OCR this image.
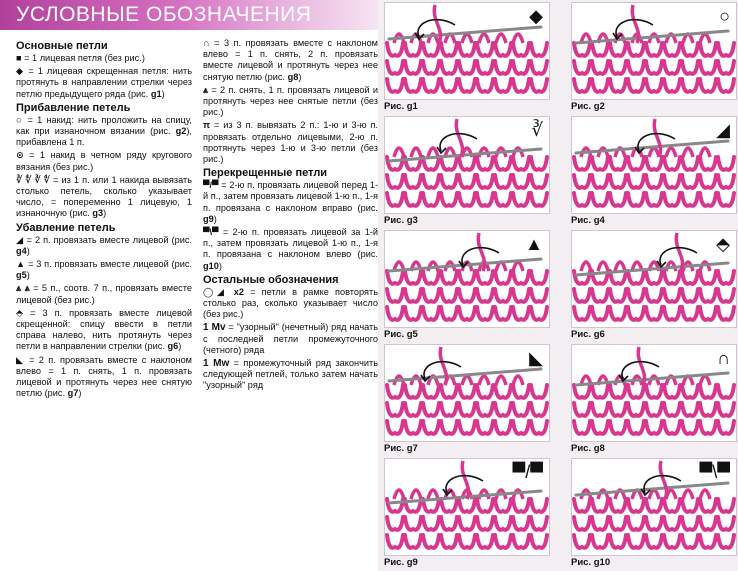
УСЛОВНЫЕ ОБОЗНАЧЕНИЯ
Основные петли
■ = 1 лицевая петля (без рис.)
◆ = 1 лицевая скрещенная петля: нить протянуть в направлении стрелки через петлю предыдущего ряда (рис. g1)
Прибавление петель
○ = 1 накид: нить проложить на спицу, как при изнаночном вязании (рис. g2), прибавлена 1 п.
⊙ = 1 накид в четном ряду кругового вязания (без рис.)
∛ ∜ ∛ ∜ = из 1 п. или 1 накида вывязать столько петель, сколько указывает число, = попеременно 1 лицевую, 1 изнаночную (рис. g3)
Убавление петель
◢ = 2 п. провязать вместе лицевой (рис. g4)
▲ = 3 п. провязать вместе лицевой (рис. g5)
⩓ ⩓ = 5 п., соотв. 7 п., провязать вместе лицевой (без рис.)
⬘ = 3 п. провязать вместе лицевой скрещенной: спицу ввести в петли справа налево, нить протянуть через петли в направлении стрелки (рис. g6)
◣ = 2 п. провязать вместе с наклоном влево = 1 п. снять, 1 п. провязать лицевой и протянуть через нее снятую петлю (рис. g7)
∩ = 3 п. провязать вместе с наклоном влево = 1 п. снять, 2 п. провязать вместе лицевой и протянуть через нее снятую петлю (рис. g8)
⩓ = 2 п. снять, 1 п. провязать лицевой и протянуть через нее снятые петли (без рис.)
π = из 3 п. вывязать 2 п.: 1-ю и 3-ю п. провязать отдельно лицевыми, 2-ю п. протянуть через 1-ю и 3-ю петли (без рис.)
Перекрещенные петли
▀/▀ = 2-ю п. провязать лицевой перед 1-й п., затем провязать лицевой 1-ю п., 1-я п. провязана с наклоном вправо (рис. g9)
▀\▀ = 2-ю п. провязать лицевой за 1-й п., затем провязать лицевой 1-ю п., 1-я п. провязана с наклоном влево (рис. g10)
Остальные обозначения
◯◢ x2 = петли в рамке повторять столько раз, сколько указывает число (без рис.)
1 Mv = "узорный" (нечетный) ряд начать с последней петли промежуточного (четного) ряда
1 Mw = промежуточный ряд закончить следующей петлей, только затем начать "узорный" ряд
◆
Рис. g1
○
Рис. g2
∛
Рис. g3
◢
Рис. g4
▲
Рис. g5
⬘
Рис. g6
◣
Рис. g7
∩
Рис. g8
▀/▀
Рис. g9
▀\▀
Рис. g10
